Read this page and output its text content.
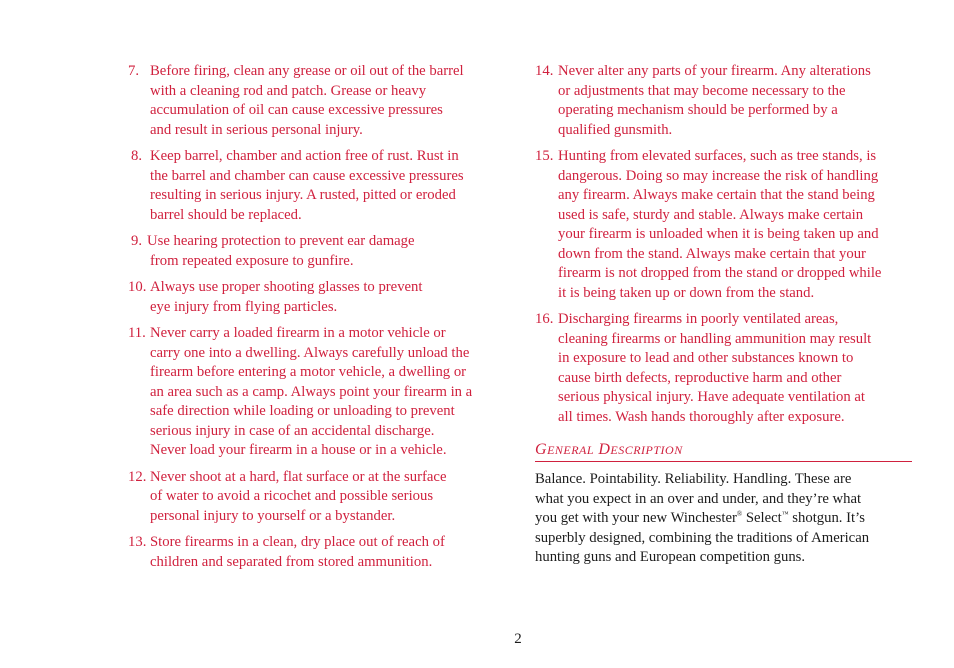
7. Before firing, clean any grease or oil out of the barrel
with a cleaning rod and patch. Grease or heavy
accumulation of oil can cause excessive pressures
and result in serious personal injury.
8. Keep barrel, chamber and action free of rust. Rust in
the barrel and chamber can cause excessive pressures
resulting in serious injury. A rusted, pitted or eroded
barrel should be replaced.
9. Use hearing protection to prevent ear damage
from repeated exposure to gunfire.
10. Always use proper shooting glasses to prevent
eye injury from flying particles.
11. Never carry a loaded firearm in a motor vehicle or
carry one into a dwelling. Always carefully unload the
firearm before entering a motor vehicle, a dwelling or
an area such as a camp. Always point your firearm in a
safe direction while loading or unloading to prevent
serious injury in case of an accidental discharge.
Never load your firearm in a house or in a vehicle.
12. Never shoot at a hard, flat surface or at the surface
of water to avoid a ricochet and possible serious
personal injury to yourself or a bystander.
13. Store firearms in a clean, dry place out of reach of
children and separated from stored ammunition.
14. Never alter any parts of your firearm. Any alterations
or adjustments that may become necessary to the
operating mechanism should be performed by a
qualified gunsmith.
15. Hunting from elevated surfaces, such as tree stands, is
dangerous. Doing so may increase the risk of handling
any firearm. Always make certain that the stand being
used is safe, sturdy and stable. Always make certain
your firearm is unloaded when it is being taken up and
down from the stand. Always make certain that your
firearm is not dropped from the stand or dropped while
it is being taken up or down from the stand.
16. Discharging firearms in poorly ventilated areas,
cleaning firearms or handling ammunition may result
in exposure to lead and other substances known to
cause birth defects, reproductive harm and other
serious physical injury. Have adequate ventilation at
all times. Wash hands thoroughly after exposure.
GENERAL DESCRIPTION
Balance. Pointability. Reliability. Handling. These are
what you expect in an over and under, and they’re what
you get with your new Winchester® Select™ shotgun. It’s
superbly designed, combining the traditions of American
hunting guns and European competition guns.
2
